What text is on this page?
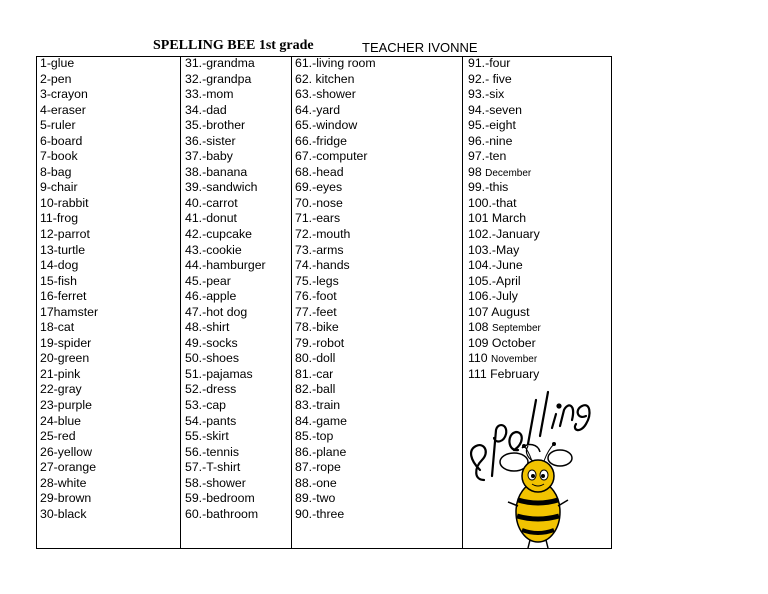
SPELLING BEE 1st grade	TEACHER IVONNE
1-glue
2-pen
3-crayon
4-eraser
5-ruler
6-board
7-book
8-bag
9-chair
10-rabbit
11-frog
12-parrot
13-turtle
14-dog
15-fish
16-ferret
17hamster
18-cat
19-spider
20-green
21-pink
22-gray
23-purple
24-blue
25-red
26-yellow
27-orange
28-white
29-brown
30-black
31.-grandma
32.-grandpa
33.-mom
34.-dad
35.-brother
36.-sister
37.-baby
38.-banana
39.-sandwich
40.-carrot
41.-donut
42.-cupcake
43.-cookie
44.-hamburger
45.-pear
46.-apple
47.-hot dog
48.-shirt
49.-socks
50.-shoes
51.-pajamas
52.-dress
53.-cap
54.-pants
55.-skirt
56.-tennis
57.-T-shirt
58.-shower
59.-bedroom
60.-bathroom
61.-living room
62. kitchen
63.-shower
64.-yard
65.-window
66.-fridge
67.-computer
68.-head
69.-eyes
70.-nose
71.-ears
72.-mouth
73.-arms
74.-hands
75.-legs
76.-foot
77.-feet
78.-bike
79.-robot
80.-doll
81.-car
82.-ball
83.-train
84.-game
85.-top
86.-plane
87.-rope
88.-one
89.-two
90.-three
91.-four
92.- five
93.-six
94.-seven
95.-eight
96.-nine
97.-ten
98 December
99.-this
100.-that
101 March
102.-January
103.-May
104.-June
105.-April
106.-July
107 August
108 September
109 October
110 November
111 February
